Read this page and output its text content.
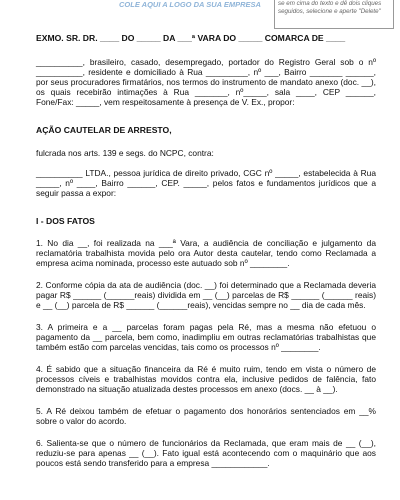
COLE AQUI A LOGO DA SUA EMPRESA	se em cima do texto e dê dois cliques seguidos, selecione e aperte "Delete"

EXMO. SR. DR. ____ DO _____ DA ___ª VARA DO _____ COMARCA DE ____

__________, brasileiro, casado, desempregado, portador do Registro Geral sob o nº __________, residente e domiciliado à Rua _________, nº ___, Bairro _______ ______, por seus procuradores firmatários, nos termos do instrumento de mandato anexo (doc. __), os quais recebirão intimações à Rua _______, nº_____, sala ____, CEP ______, Fone/Fax: _____, vem respeitosamente à presença de V. Ex., propor:

AÇÃO CAUTELAR DE ARRESTO,

fulcrada nos arts. 139 e segs. do NCPC, contra:

__________ LTDA., pessoa jurídica de direito privado, CGC nº _____, estabelecida à Rua _____, nº ____, Bairro ______, CEP. _____, pelos fatos e fundamentos jurídicos que a seguir passa a expor:

I - DOS FATOS

1. No dia __, foi realizada na ___ª Vara, a audiência de conciliação e julgamento da reclamatória trabalhista movida pelo ora Autor desta cautelar, tendo como Reclamada a empresa acima nominada, processo este autuado sob nº ________.

2. Conforme cópia da ata de audiência (doc. __) foi determinado que a Reclamada deveria pagar R$ ______ (______reais) dividida em __ (__) parcelas de R$ ______ (______ reais) e __ (__) parcela de R$ ______ (______reais), vencidas sempre no __ dia de cada mês.

3. A primeira e a __ parcelas foram pagas pela Ré, mas a mesma não efetuou o pagamento da __ parcela, bem como, inadimpliu em outras reclamatórias trabalhistas que também estão com parcelas vencidas, tais como os processos nº ________.

4. É sabido que a situação financeira da Ré é muito ruim, tendo em vista o número de processos cíveis e trabalhistas movidos contra ela, inclusive pedidos de falência, fato demonstrado na situação atualizada destes processos em anexo (docs. __ à __).

5. A Ré deixou também de efetuar o pagamento dos honorários sentenciados em __% sobre o valor do acordo.

6. Salienta-se que o número de funcionários da Reclamada, que eram mais de __ (__), reduziu-se para apenas __ (__). Fato igual está acontecendo com o maquinário que aos poucos está sendo transferido para a empresa ____________.
